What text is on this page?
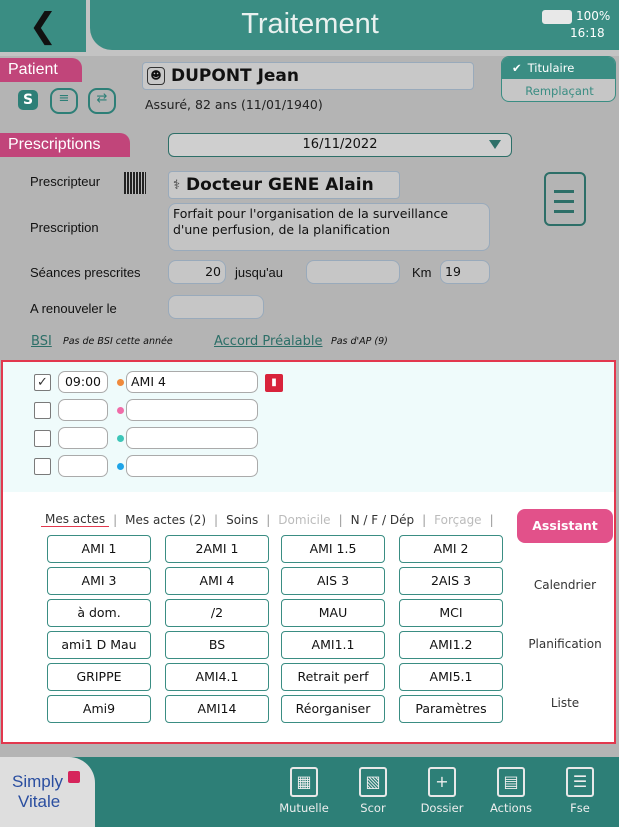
❮	Traitement	100%
16:18
Patient
S	≡	⇄
☻ DUPONT Jean
Assuré, 82 ans (11/01/1940)
✔ Titulaire
Remplaçant
Prescriptions	16/11/2022
Prescripteur	⚕ Docteur GENE Alain
Prescription
Forfait pour l'organisation de la surveillance d'une perfusion, de la planification
Séances prescrites	20	jusqu'au	Km	19
A renouveler le
BSI Pas de BSI cette année	Accord Préalable Pas d'AP (9)
✓	09:00	AMI 4	▮
Mes actes | Mes actes (2) | Soins | Domicile | N / F / Dép | Forçage |
AMI 1	2AMI 1	AMI 1.5	AMI 2
AMI 3	AMI 4	AIS 3	2AIS 3
à dom.	/2	MAU	MCI
ami1 D Mau	BS	AMI1.1	AMI1.2
GRIPPE	AMI4.1	Retrait perf	AMI5.1
Ami9	AMI14	Réorganiser	Paramètres
Assistant
Calendrier
Planification
Liste
Simply
Vitale
▦
Mutuelle
▧
Scor
+
Dossier
▤
Actions
☰
Fse
